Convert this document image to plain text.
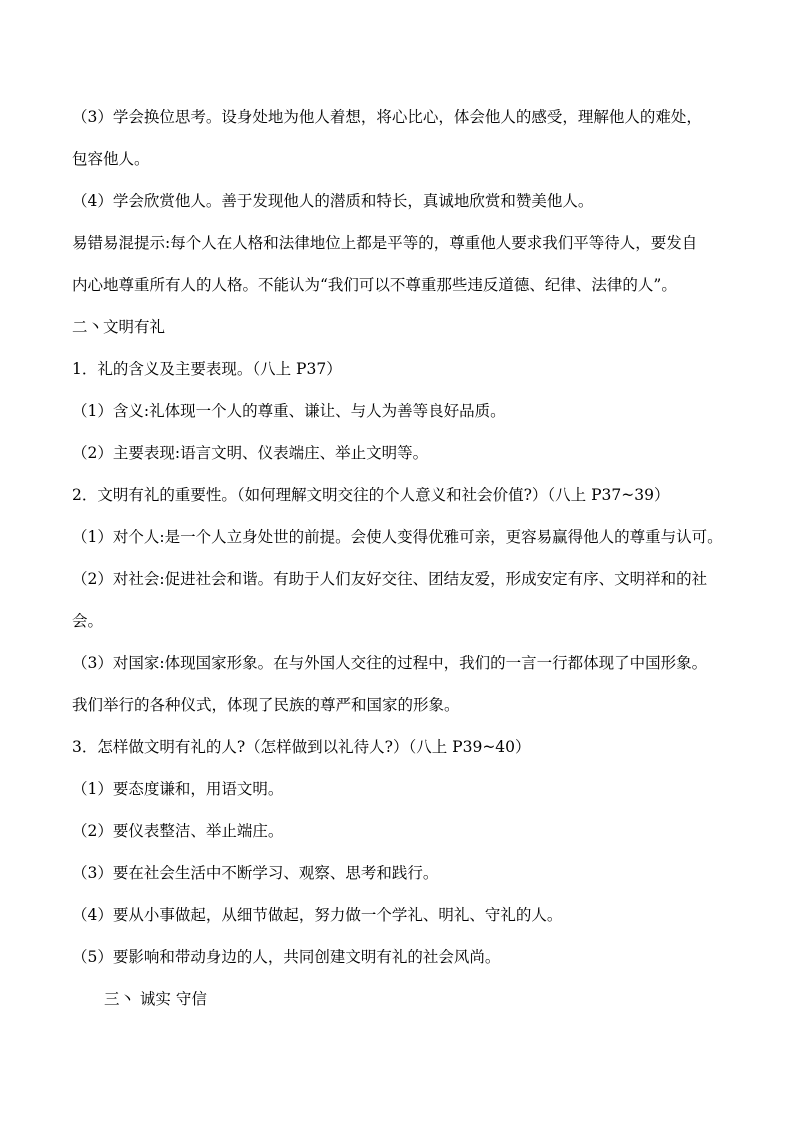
（3）学会换位思考。设身处地为他人着想，将心比心，体会他人的感受，理解他人的难处，
包容他人。
（4）学会欣赏他人。善于发现他人的潜质和特长，真诚地欣赏和赞美他人。
易错易混提示:每个人在人格和法律地位上都是平等的，尊重他人要求我们平等待人，要发自
内心地尊重所有人的人格。不能认为“我们可以不尊重那些违反道德、纪律、法律的人”。
二丶文明有礼
1．礼的含义及主要表现。（八上 P37）
（1）含义:礼体现一个人的尊重、谦让、与人为善等良好品质。
（2）主要表现:语言文明、仪表端庄、举止文明等。
2．文明有礼的重要性。（如何理解文明交往的个人意义和社会价值?）（八上 P37~39）
（1）对个人:是一个人立身处世的前提。会使人变得优雅可亲，更容易赢得他人的尊重与认可。
（2）对社会:促进社会和谐。有助于人们友好交往、团结友爱，形成安定有序、文明祥和的社
会。
（3）对国家:体现国家形象。在与外国人交往的过程中，我们的一言一行都体现了中国形象。
我们举行的各种仪式，体现了民族的尊严和国家的形象。
3．怎样做文明有礼的人?（怎样做到以礼待人?）（八上 P39~40）
（1）要态度谦和，用语文明。
（2）要仪表整洁、举止端庄。
（3）要在社会生活中不断学习、观察、思考和践行。
（4）要从小事做起，从细节做起，努力做一个学礼、明礼、守礼的人。
（5）要影响和带动身边的人，共同创建文明有礼的社会风尚。
三丶 诚实 守信
